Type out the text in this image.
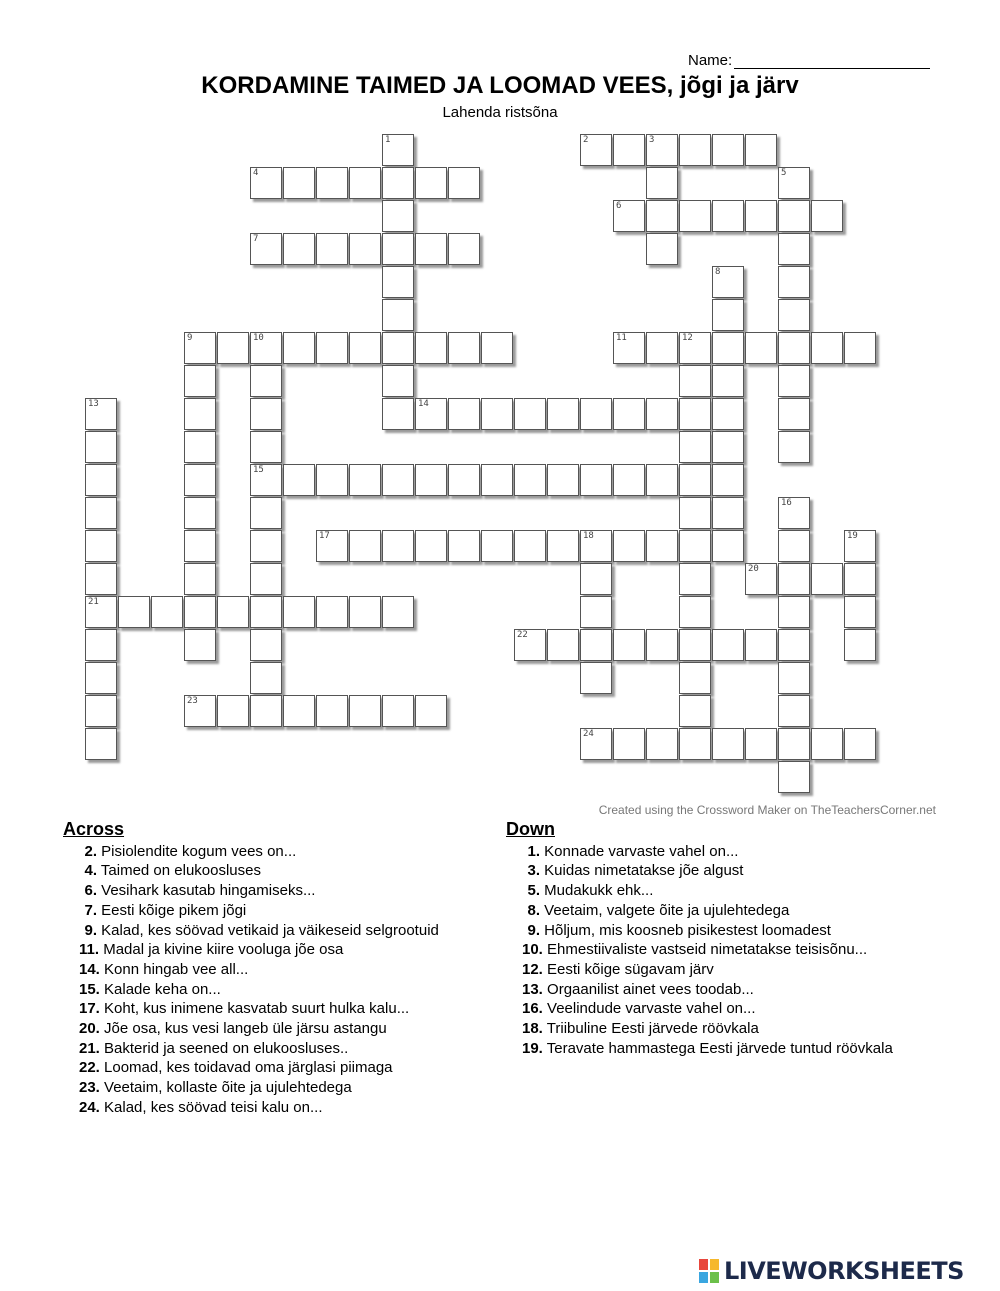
Name:
KORDAMINE TAIMED JA LOOMAD VEES, jõgi ja järv
Lahenda ristsõna
1	2	3
4	5
6
7
8
9	10	11	12
13	14
15
16
17	18	19
20
21
22
23
24
Created using the Crossword Maker on TheTeachersCorner.net
Across
2. Pisiolendite kogum vees on...
4. Taimed on elukoosluses
6. Vesihark kasutab hingamiseks...
7. Eesti kõige pikem jõgi
9. Kalad, kes söövad vetikaid ja väikeseid selgrootuid
11. Madal ja kivine kiire vooluga jõe osa
14. Konn hingab vee all...
15. Kalade keha on...
17. Koht, kus inimene kasvatab suurt hulka kalu...
20. Jõe osa, kus vesi langeb üle järsu astangu
21. Bakterid ja seened on elukoosluses..
22. Loomad, kes toidavad oma järglasi piimaga
23. Veetaim, kollaste õite ja ujulehtedega
24. Kalad, kes söövad teisi kalu on...
Down
1. Konnade varvaste vahel on...
3. Kuidas nimetatakse jõe algust
5. Mudakukk ehk...
8. Veetaim, valgete õite ja ujulehtedega
9. Hõljum, mis koosneb pisikestest loomadest
10. Ehmestiivaliste vastseid nimetatakse teisisõnu...
12. Eesti kõige sügavam järv
13. Orgaanilist ainet vees toodab...
16. Veelindude varvaste vahel on...
18. Triibuline Eesti järvede röövkala
19. Teravate hammastega Eesti järvede tuntud röövkala
LIVEWORKSHEETS
